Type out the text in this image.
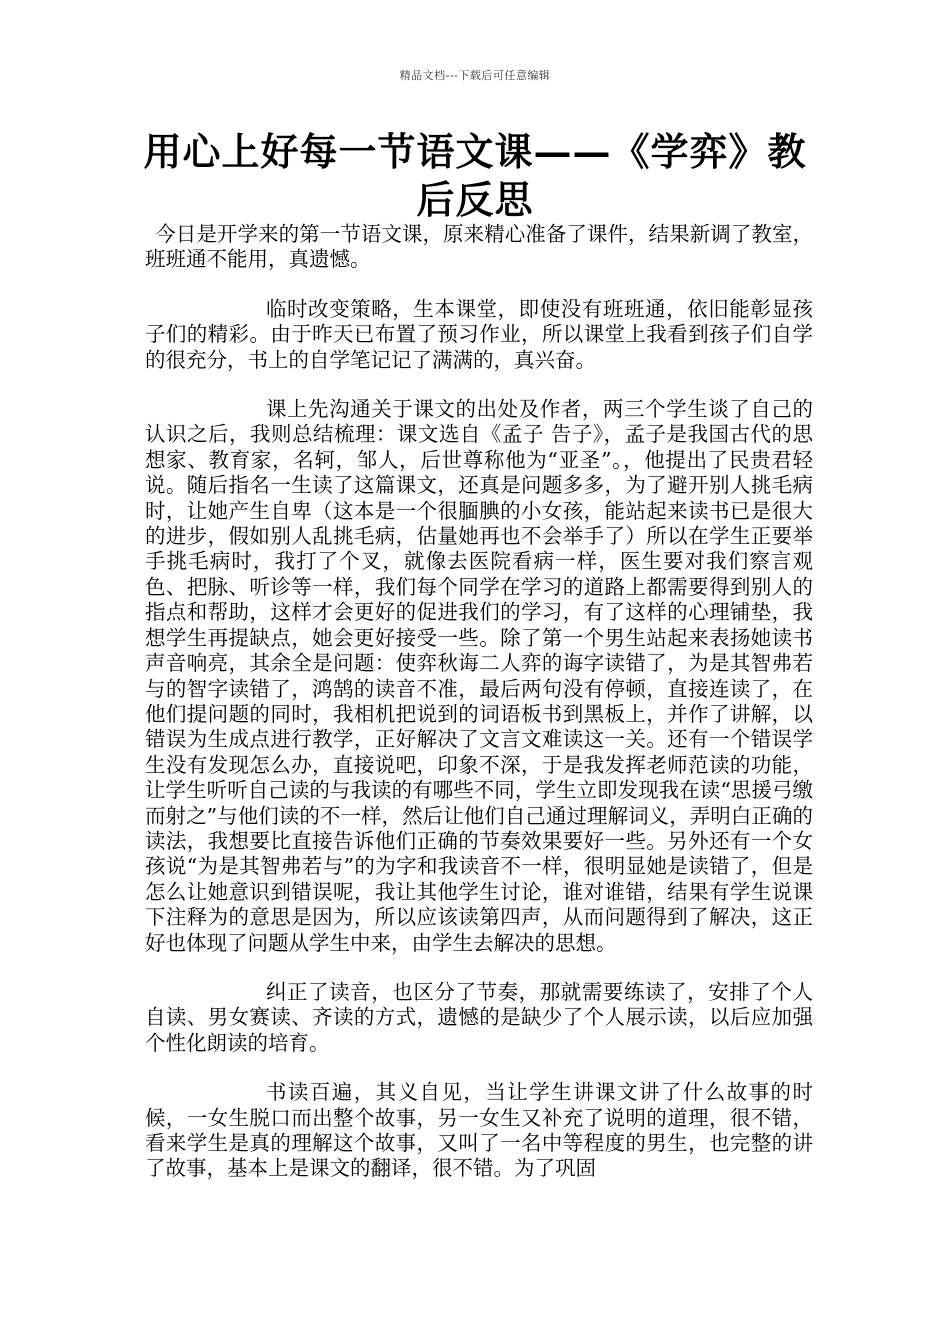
精品文档---下载后可任意编辑
用心上好每一节语文课——《学弈》教后反思

今日是开学来的第一节语文课，原来精心准备了课件，结果新调了教室，班班通不能用，真遗憾。

临时改变策略，生本课堂，即使没有班班通，依旧能彰显孩子们的精彩。由于昨天已布置了预习作业，所以课堂上我看到孩子们自学的很充分，书上的自学笔记记了满满的，真兴奋。

课上先沟通关于课文的出处及作者，两三个学生谈了自己的认识之后，我则总结梳理：课文选自《孟子 告子》，孟子是我国古代的思想家、教育家，名轲，邹人，后世尊称他为“亚圣”。，他提出了民贵君轻说。随后指名一生读了这篇课文，还真是问题多多，为了避开别人挑毛病时，让她产生自卑（这本是一个很腼腆的小女孩，能站起来读书已是很大的进步，假如别人乱挑毛病，估量她再也不会举手了）所以在学生正要举手挑毛病时，我打了个叉，就像去医院看病一样，医生要对我们察言观色、把脉、听诊等一样，我们每个同学在学习的道路上都需要得到别人的指点和帮助，这样才会更好的促进我们的学习，有了这样的心理铺垫，我想学生再提缺点，她会更好接受一些。除了第一个男生站起来表扬她读书声音响亮，其余全是问题：使弈秋诲二人弈的诲字读错了，为是其智弗若与的智字读错了，鸿鹄的读音不准，最后两句没有停顿，直接连读了，在他们提问题的同时，我相机把说到的词语板书到黑板上，并作了讲解，以错误为生成点进行教学，正好解决了文言文难读这一关。还有一个错误学生没有发现怎么办，直接说吧，印象不深，于是我发挥老师范读的功能，让学生听听自己读的与我读的有哪些不同，学生立即发现我在读“思援弓缴而射之”与他们读的不一样，然后让他们自己通过理解词义，弄明白正确的读法，我想要比直接告诉他们正确的节奏效果要好一些。另外还有一个女孩说“为是其智弗若与”的为字和我读音不一样，很明显她是读错了，但是怎么让她意识到错误呢，我让其他学生讨论，谁对谁错，结果有学生说课下注释为的意思是因为，所以应该读第四声，从而问题得到了解决，这正好也体现了问题从学生中来，由学生去解决的思想。

纠正了读音，也区分了节奏，那就需要练读了，安排了个人自读、男女赛读、齐读的方式，遗憾的是缺少了个人展示读，以后应加强个性化朗读的培育。

书读百遍，其义自见，当让学生讲课文讲了什么故事的时候，一女生脱口而出整个故事，另一女生又补充了说明的道理，很不错，看来学生是真的理解这个故事，又叫了一名中等程度的男生，也完整的讲了故事，基本上是课文的翻译，很不错。为了巩固
